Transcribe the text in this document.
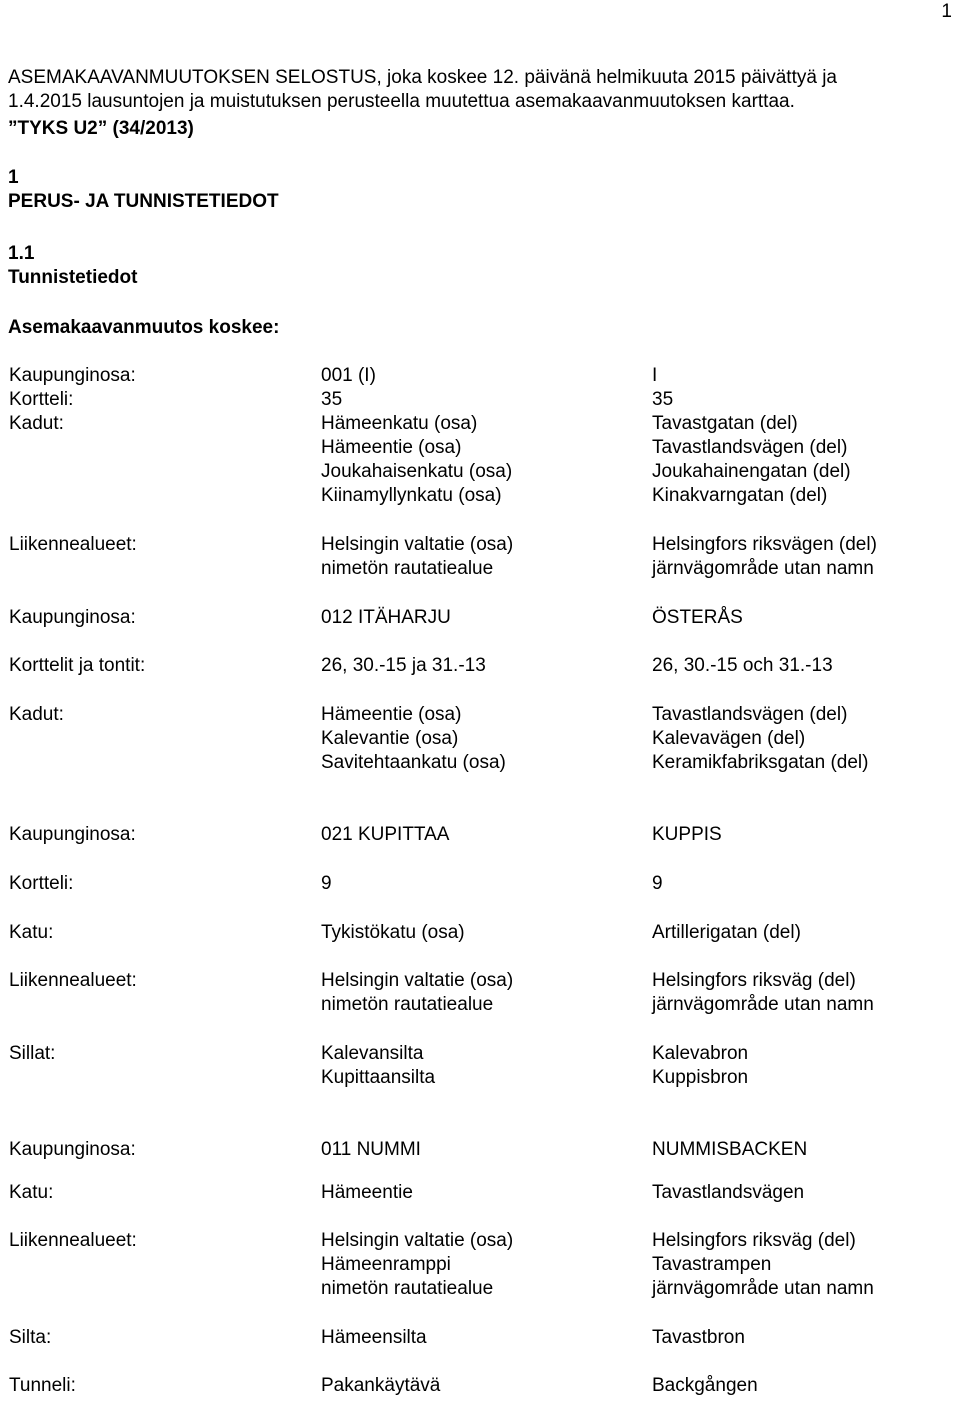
1
ASEMAKAAVANMUUTOKSEN SELOSTUS, joka koskee 12. päivänä helmikuuta 2015 päivättyä ja
1.4.2015 lausuntojen ja muistutuksen perusteella muutettua asemakaavanmuutoksen karttaa.
”TYKS U2” (34/2013)
1
PERUS- JA TUNNISTETIEDOT
1.1
Tunnistetiedot
Asemakaavanmuutos koskee:
Kaupunginosa:	001 (I)	I
Kortteli:	35	35
Kadut:	Hämeenkatu (osa)	Tavastgatan (del)
Hämeentie (osa)	Tavastlandsvägen (del)
Joukahaisenkatu (osa)	Joukahainengatan (del)
Kiinamyllynkatu (osa)	Kinakvarngatan (del)
Liikennealueet:	Helsingin valtatie (osa)	Helsingfors riksvägen (del)
nimetön rautatiealue	järnvägområde utan namn
Kaupunginosa:	012 ITÄHARJU	ÖSTERÅS
Korttelit ja tontit:	26, 30.-15 ja 31.-13	26, 30.-15 och 31.-13
Kadut:	Hämeentie (osa)	Tavastlandsvägen (del)
Kalevantie (osa)	Kalevavägen (del)
Savitehtaankatu (osa)	Keramikfabriksgatan (del)
Kaupunginosa:	021 KUPITTAA	KUPPIS
Kortteli:	9	9
Katu:	Tykistökatu (osa)	Artillerigatan (del)
Liikennealueet:	Helsingin valtatie (osa)	Helsingfors riksväg (del)
nimetön rautatiealue	järnvägområde utan namn
Sillat:	Kalevansilta	Kalevabron
Kupittaansilta	Kuppisbron
Kaupunginosa:	011 NUMMI	NUMMISBACKEN
Katu:	Hämeentie	Tavastlandsvägen
Liikennealueet:	Helsingin valtatie (osa)	Helsingfors riksväg (del)
Hämeenramppi	Tavastrampen
nimetön rautatiealue	järnvägområde utan namn
Silta:	Hämeensilta	Tavastbron
Tunneli:	Pakankäytävä	Backgången
